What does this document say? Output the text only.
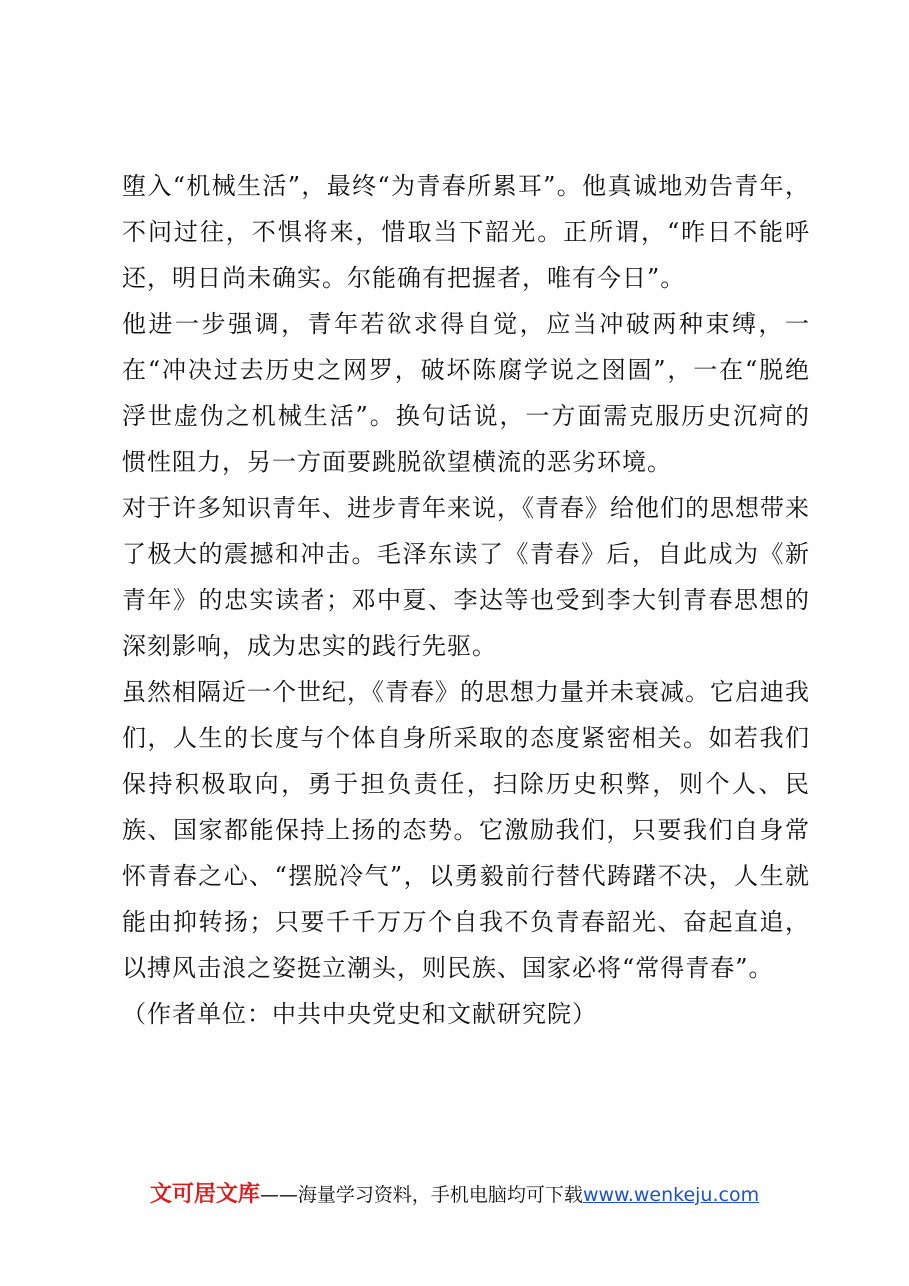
堕入“机械生活”，最终“为青春所累耳”。他真诚地劝告青年，不问过往，不惧将来，惜取当下韶光。正所谓，“昨日不能呼还，明日尚未确实。尔能确有把握者，唯有今日”。

他进一步强调，青年若欲求得自觉，应当冲破两种束缚，一在“冲决过去历史之网罗，破坏陈腐学说之囹圄”，一在“脱绝浮世虚伪之机械生活”。换句话说，一方面需克服历史沉疴的惯性阻力，另一方面要跳脱欲望横流的恶劣环境。

对于许多知识青年、进步青年来说，《青春》给他们的思想带来了极大的震撼和冲击。毛泽东读了《青春》后，自此成为《新青年》的忠实读者；邓中夏、李达等也受到李大钊青春思想的深刻影响，成为忠实的践行先驱。

虽然相隔近一个世纪，《青春》的思想力量并未衰减。它启迪我们，人生的长度与个体自身所采取的态度紧密相关。如若我们保持积极取向，勇于担负责任，扫除历史积弊，则个人、民族、国家都能保持上扬的态势。它激励我们，只要我们自身常怀青春之心、“摆脱冷气”，以勇毅前行替代踌躇不决，人生就能由抑转扬；只要千千万万个自我不负青春韶光、奋起直追，以搏风击浪之姿挺立潮头，则民族、国家必将“常得青春”。

（作者单位：中共中央党史和文献研究院）

文可居文库——海量学习资料，手机电脑均可下载www.wenkeju.com
